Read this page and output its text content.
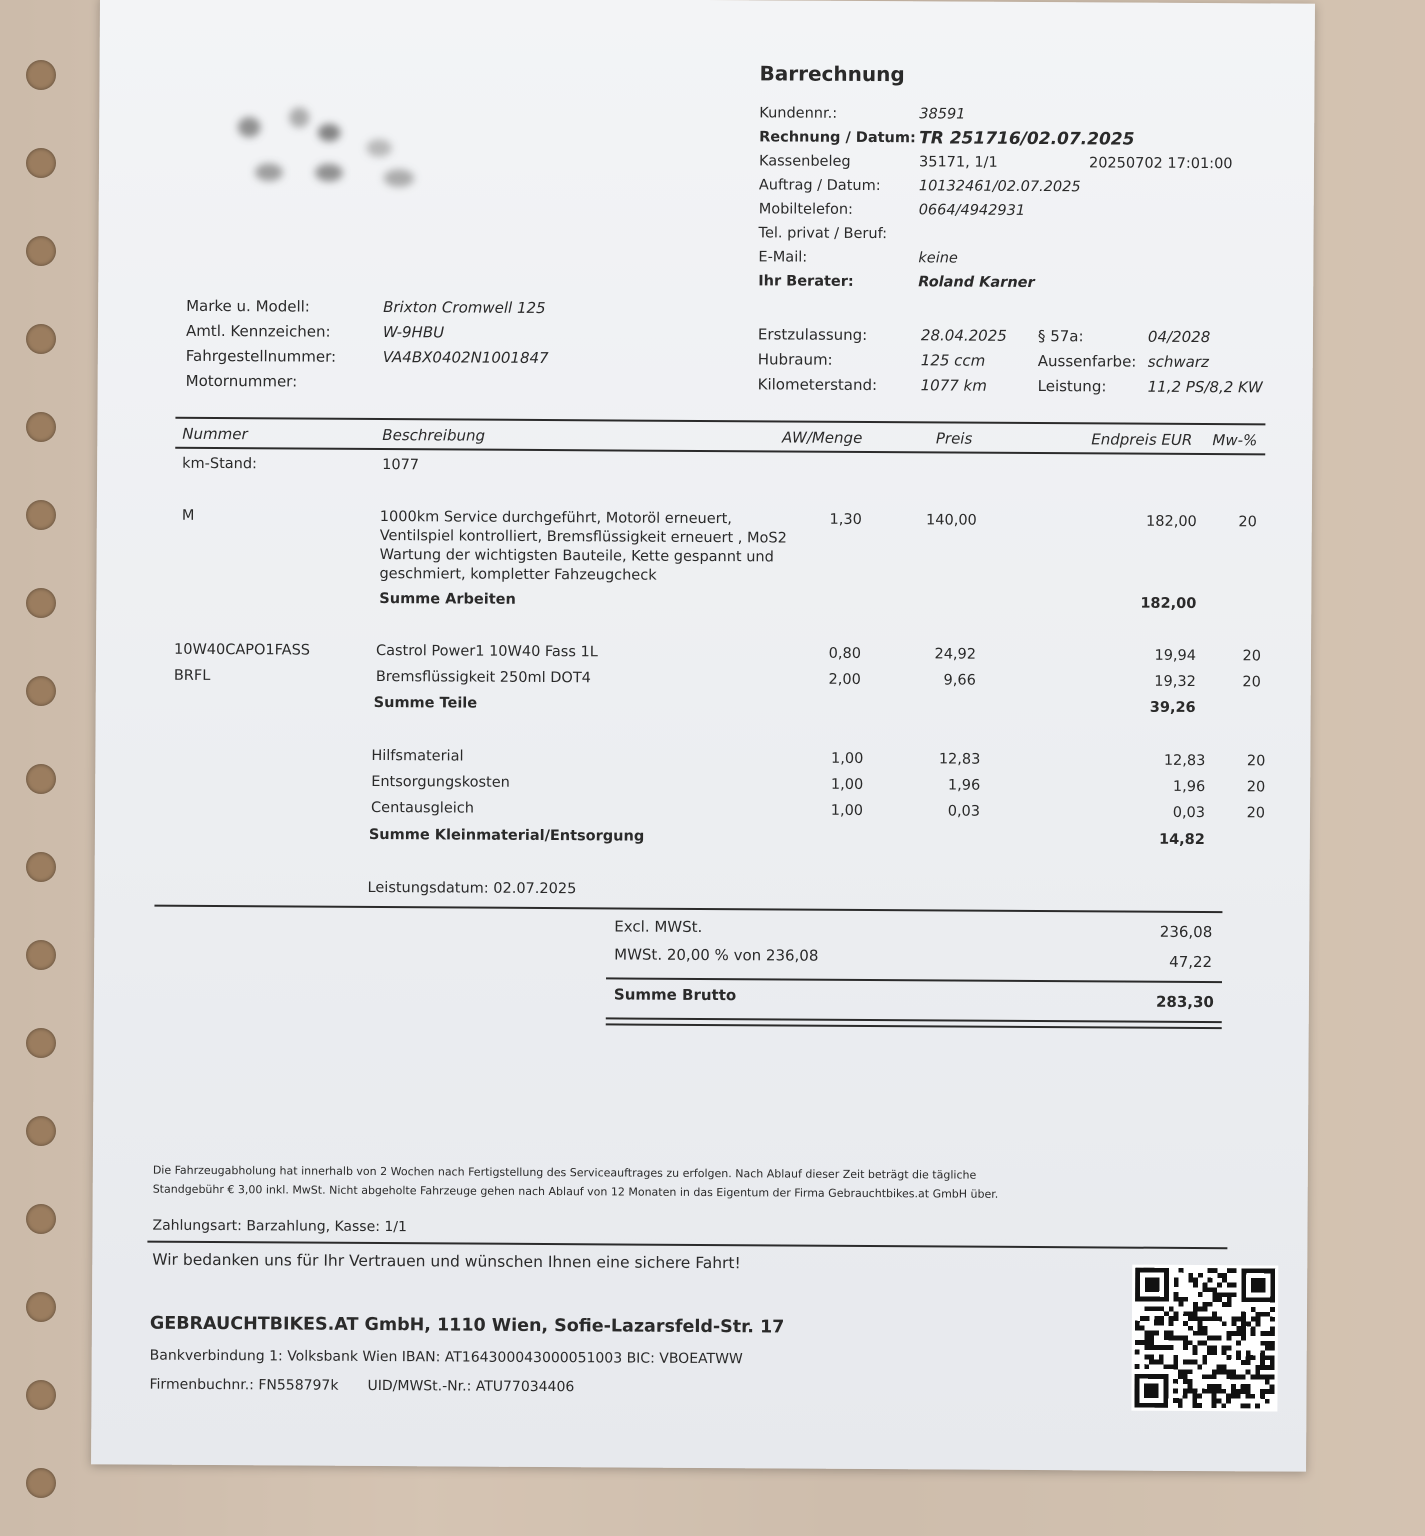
Barrechnung
Kundennr.:	38591
Rechnung / Datum: TR 251716/02.07.2025
Kassenbeleg	35171, 1/1	20250702 17:01:00
Auftrag / Datum:	10132461/02.07.2025
Mobiltelefon:	0664/4942931
Tel. privat / Beruf:
E-Mail:	keine
Ihr Berater:	Roland Karner
Marke u. Modell:	Brixton Cromwell 125
Amtl. Kennzeichen:	W-9HBU
Fahrgestellnummer:	VA4BX0402N1001847
Motornummer:
Erstzulassung:	28.04.2025 § 57a:	04/2028
Hubraum:	125 ccm	Aussenfarbe: schwarz
Kilometerstand:	1077 km	Leistung:	11,2 PS/8,2 KW
Nummer	Beschreibung	AW/Menge	Preis	Endpreis EUR	Mw-%
km-Stand:	1077
M	1000km Service durchgeführt, Motoröl erneuert,
Ventilspiel kontrolliert, Bremsflüssigkeit erneuert , MoS2
Wartung der wichtigsten Bauteile, Kette gespannt und
geschmiert, kompletter Fahzeugcheck
1,30	140,00	182,00	20
Summe Arbeiten	182,00
10W40CAPO1FASS	Castrol Power1 10W40 Fass 1L	0,80	24,92	19,94	20
BRFL	Bremsflüssigkeit 250ml DOT4	2,00	9,66	19,32	20
Summe Teile	39,26
Hilfsmaterial	1,00	12,83	12,83	20
Entsorgungskosten	1,00	1,96	1,96	20
Centausgleich	1,00	0,03	0,03	20
Summe Kleinmaterial/Entsorgung	14,82
Leistungsdatum: 02.07.2025
Excl. MWSt.	236,08
MWSt. 20,00 % von 236,08	47,22
Summe Brutto	283,30
Die Fahrzeugabholung hat innerhalb von 2 Wochen nach Fertigstellung des Serviceauftrages zu erfolgen. Nach Ablauf dieser Zeit beträgt die tägliche
Standgebühr € 3,00 inkl. MwSt. Nicht abgeholte Fahrzeuge gehen nach Ablauf von 12 Monaten in das Eigentum der Firma Gebrauchtbikes.at GmbH über.
Zahlungsart: Barzahlung, Kasse: 1/1
Wir bedanken uns für Ihr Vertrauen und wünschen Ihnen eine sichere Fahrt!
GEBRAUCHTBIKES.AT GmbH, 1110 Wien, Sofie-Lazarsfeld-Str. 17
Bankverbindung 1: Volksbank Wien IBAN: AT164300043000051003 BIC: VBOEATWW
Firmenbuchnr.: FN558797k UID/MWSt.-Nr.: ATU77034406
